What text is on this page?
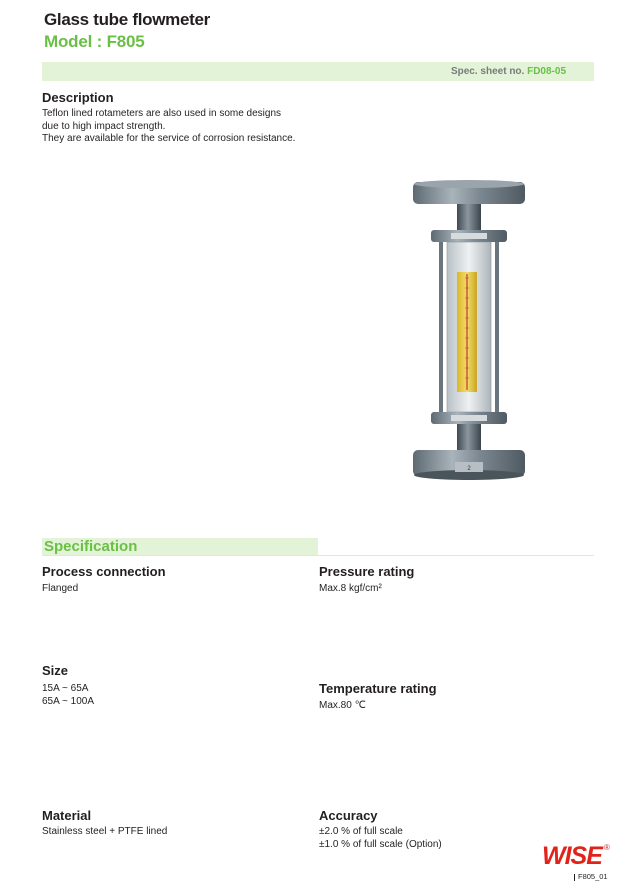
Glass tube flowmeter
Model : F805
Spec. sheet no. FD08-05
Description
Teflon lined rotameters are also used in some designs
due to high impact strength.
They are available for the service of corrosion resistance.
2
Specification
Process connection
Flanged
Pressure rating
Max.8 kgf/cm²
Size
15A ~ 65A
65A ~ 100A
Temperature rating
Max.80 ℃
Material
Stainless steel + PTFE lined
Accuracy
±2.0 % of full scale
±1.0 % of full scale (Option)	WISE ®
F805_01
